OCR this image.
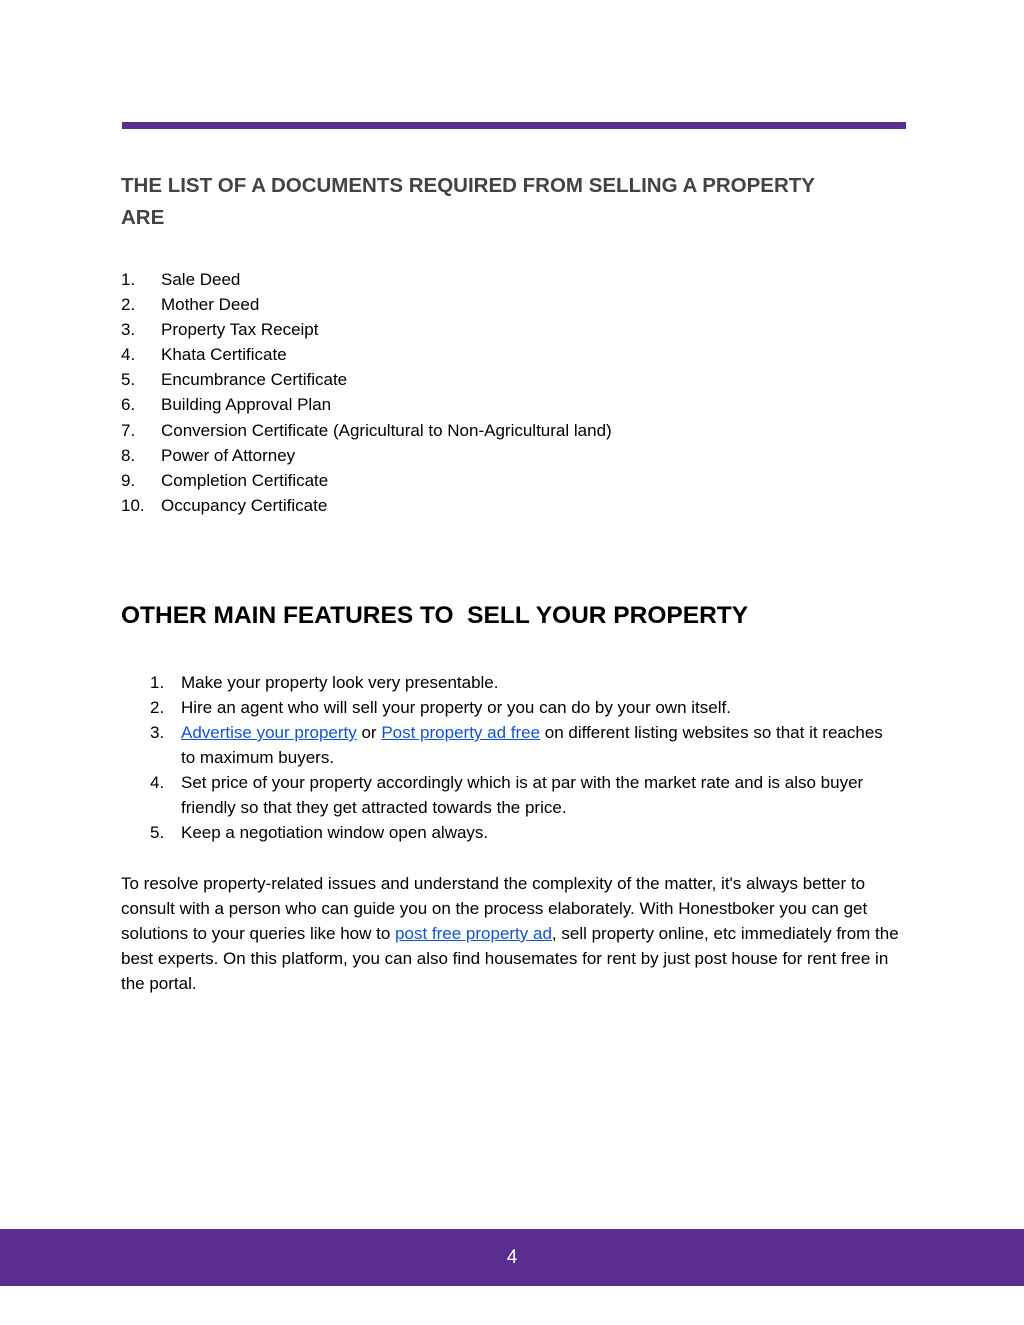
THE LIST OF A DOCUMENTS REQUIRED FROM SELLING A PROPERTY ARE
1. Sale Deed
2. Mother Deed
3. Property Tax Receipt
4. Khata Certificate
5. Encumbrance Certificate
6. Building Approval Plan
7. Conversion Certificate (Agricultural to Non-Agricultural land)
8. Power of Attorney
9. Completion Certificate
10. Occupancy Certificate
OTHER MAIN FEATURES TO  SELL YOUR PROPERTY
1. Make your property look very presentable.
2. Hire an agent who will sell your property or you can do by your own itself.
3. Advertise your property or Post property ad free on different listing websites so that it reaches to maximum buyers.
4. Set price of your property accordingly which is at par with the market rate and is also buyer friendly so that they get attracted towards the price.
5. Keep a negotiation window open always.

To resolve property-related issues and understand the complexity of the matter, it's always better to consult with a person who can guide you on the process elaborately. With Honestboker you can get solutions to your queries like how to post free property ad, sell property online, etc immediately from the best experts. On this platform, you can also find housemates for rent by just post house for rent free in the portal.

4
